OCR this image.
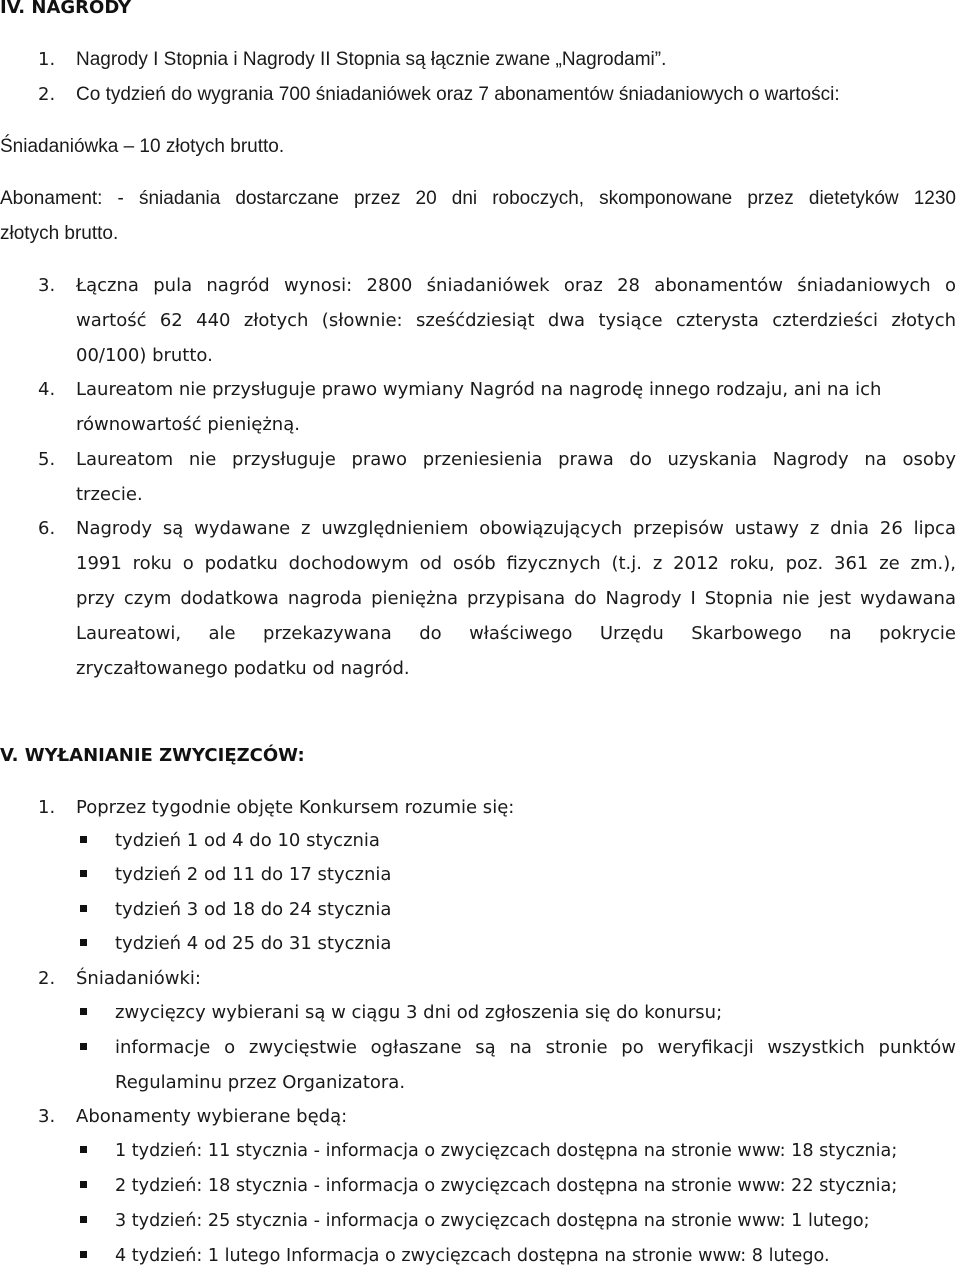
IV. NAGRODY
1. Nagrody I Stopnia i Nagrody II Stopnia są łącznie zwane „Nagrodami”.
2. Co tydzień do wygrania 700 śniadaniówek oraz 7 abonamentów śniadaniowych o wartości:
Śniadaniówka – 10 złotych brutto.
Abonament: - śniadania dostarczane przez 20 dni roboczych, skomponowane przez dietetyków 1230
złotych brutto.
3. Łączna pula nagród wynosi: 2800 śniadaniówek oraz 28 abonamentów śniadaniowych o
wartość 62 440 złotych (słownie: sześćdziesiąt dwa tysiące czterysta czterdzieści złotych
00/100) brutto.
4. Laureatom nie przysługuje prawo wymiany Nagród na nagrodę innego rodzaju, ani na ich
równowartość pieniężną.
5. Laureatom nie przysługuje prawo przeniesienia prawa do uzyskania Nagrody na osoby
trzecie.
6. Nagrody są wydawane z uwzględnieniem obowiązujących przepisów ustawy z dnia 26 lipca
1991 roku o podatku dochodowym od osób fizycznych (t.j. z 2012 roku, poz. 361 ze zm.),
przy czym dodatkowa nagroda pieniężna przypisana do Nagrody I Stopnia nie jest wydawana
Laureatowi, ale przekazywana do właściwego Urzędu Skarbowego na pokrycie
zryczałtowanego podatku od nagród.
V. WYŁANIANIE ZWYCIĘZCÓW:
1. Poprzez tygodnie objęte Konkursem rozumie się:
tydzień 1 od 4 do 10 stycznia
tydzień 2 od 11 do 17 stycznia
tydzień 3 od 18 do 24 stycznia
tydzień 4 od 25 do 31 stycznia
2. Śniadaniówki:
zwycięzcy wybierani są w ciągu 3 dni od zgłoszenia się do konursu;
informacje o zwycięstwie ogłaszane są na stronie po weryfikacji wszystkich punktów
Regulaminu przez Organizatora.
3. Abonamenty wybierane będą:
1 tydzień: 11 stycznia - informacja o zwycięzcach dostępna na stronie www: 18 stycznia;
2 tydzień: 18 stycznia - informacja o zwycięzcach dostępna na stronie www: 22 stycznia;
3 tydzień: 25 stycznia - informacja o zwycięzcach dostępna na stronie www: 1 lutego;
4 tydzień: 1 lutego Informacja o zwycięzcach dostępna na stronie www: 8 lutego.
